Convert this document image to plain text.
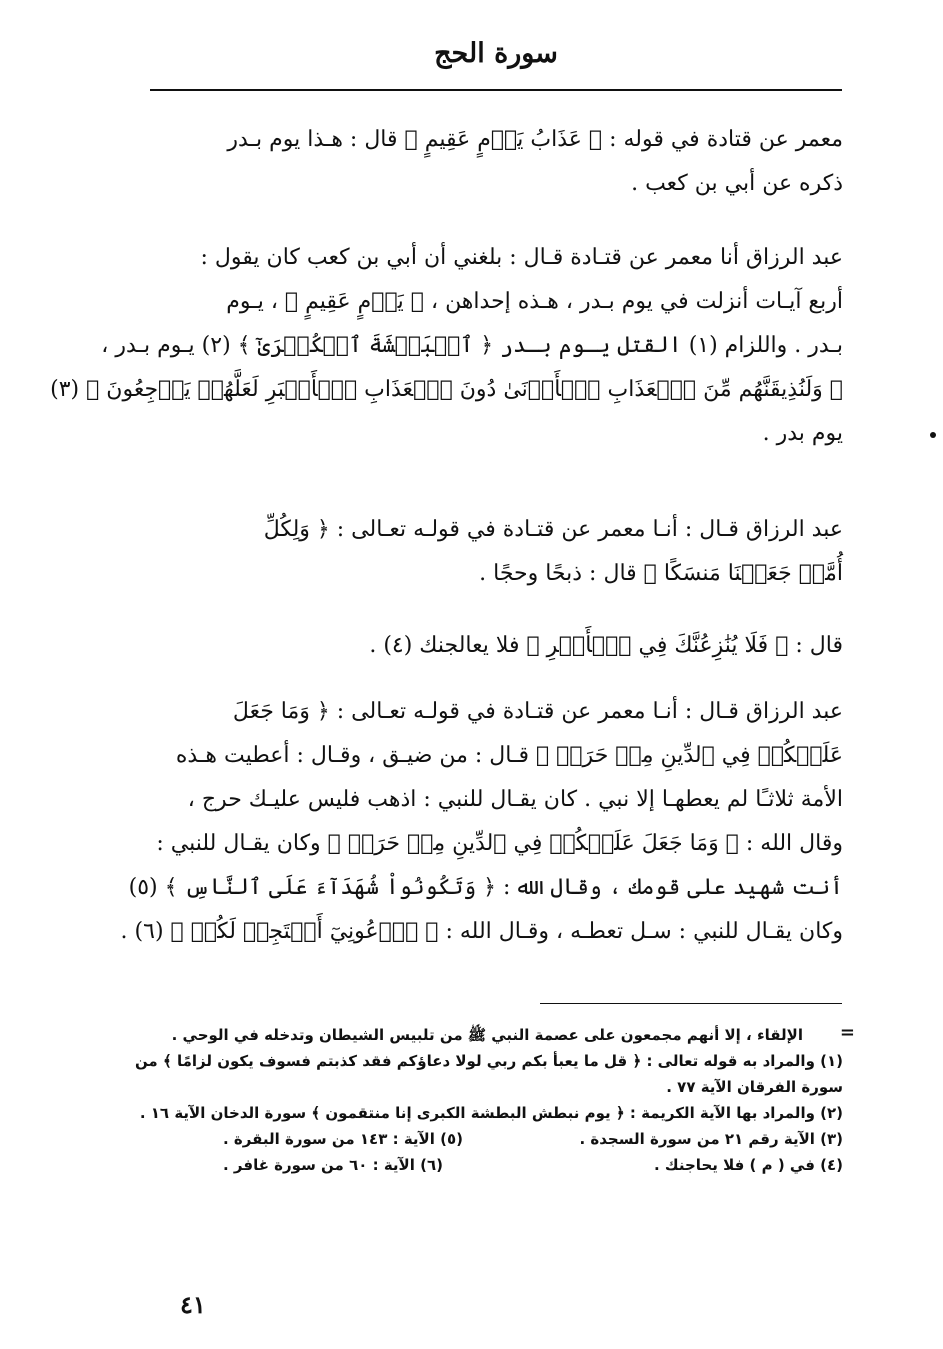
سورة الحج
معمر عن قتادة في قوله : ﴿ عَذَابُ يَوۡمٍ عَقِيمٍ ﴾ قال : هـذا يوم بـدر
ذكره عن أبي بن كعب .
عبد الرزاق أنا معمر عن قتـادة قـال : بلغني أن أبي بن كعب كان يقول :
أربع آيـات أنزلت في يوم بـدر ، هـذه إحداهن ، ﴿ يَوۡمٍ عَقِيمٍ ﴾ ، يـوم
بـدر . واللزام (١) القتل يـوم بـدر ﴿ ٱلۡبَطۡشَةَ ٱلۡكُبۡرَىٰٓ ﴾ (٢) يـوم بـدر ،
﴿ وَلَنُذِيقَنَّهُم مِّنَ ٱلۡعَذَابِ ٱلۡأَدۡنَىٰ دُونَ ٱلۡعَذَابِ ٱلۡأَكۡبَرِ لَعَلَّهُمۡ يَرۡجِعُونَ ﴾ (٣)
يوم بدر .
عبد الرزاق قـال : أنـا معمر عن قتـادة في قولـه تعـالى : ﴿ وَلِكُلِّ
أُمَّةٖ جَعَلۡنَا مَنسَكًا ﴾ قال : ذبحًا وحجًا .
قال : ﴿ فَلَا يُنَٰزِعُنَّكَ فِي ٱلۡأَمۡرِ ﴾ فلا يعالجنك (٤) .
عبد الرزاق قـال : أنـا معمر عن قتـادة في قولـه تعـالى : ﴿ وَمَا جَعَلَ
عَلَيۡكُمۡ فِي ٱلدِّينِ مِنۡ حَرَجٖ ﴾ قـال : من ضيـق ، وقـال : أعطيت هـذه
الأمة ثلاثـًا لم يعطهـا إلا نبي . كان يقـال للنبي : اذهب فليس عليـك حرج ،
وقال الله : ﴿ وَمَا جَعَلَ عَلَيۡكُمۡ فِي ٱلدِّينِ مِنۡ حَرَجٖ ﴾ وكان يقـال للنبي :
أنت شهيد على قومك ، وقال الله : ﴿ وَتَكُونُواْ شُهَدَآءَ عَلَى ٱلنَّاسِ ﴾ (٥)
وكان يقـال للنبي : سـل تعطـه ، وقـال الله : ﴿ ٱدۡعُونِيٓ أَسۡتَجِبۡ لَكُمۡ ﴾ (٦) .
=
الإلقاء ، إلا أنهم مجمعون على عصمة النبي ﷺ من تلبيس الشيطان وتدخله في الوحي .
(١) والمراد به قوله تعالى : ﴿ قل ما يعبأ بكم ربي لولا دعاؤكم فقد كذبتم فسوف يكون لزامًا ﴾ من
سورة الفرقان الآية ٧٧ .
(٢) والمراد بها الآية الكريمة : ﴿ يوم نبطش البطشة الكبرى إنا منتقمون ﴾ سورة الدخان الآية ١٦ .
(٣) الآية رقم ٢١ من سورة السجدة .
(٥) الآية : ١٤٣ من سورة البقرة .
(٤) في ( م ) فلا يحاجنك .
(٦) الآية : ٦٠ من سورة غافر .
٤١
